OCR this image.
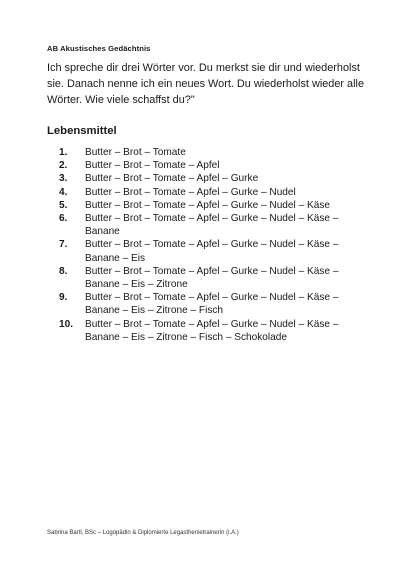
AB Akustisches Gedächtnis
Ich spreche dir drei Wörter vor. Du merkst sie dir und wiederholst sie. Danach nenne ich ein neues Wort. Du wiederholst wieder alle Wörter. Wie viele schaffst du?"
Lebensmittel
1.	Butter – Brot – Tomate
2.	Butter – Brot – Tomate – Apfel
3.	Butter – Brot – Tomate – Apfel – Gurke
4.	Butter – Brot – Tomate – Apfel – Gurke – Nudel
5.	Butter – Brot – Tomate – Apfel – Gurke – Nudel – Käse
6.	Butter – Brot – Tomate – Apfel – Gurke – Nudel – Käse – Banane
7.	Butter – Brot – Tomate – Apfel – Gurke – Nudel – Käse – Banane – Eis
8.	Butter – Brot – Tomate – Apfel – Gurke – Nudel – Käse – Banane – Eis – Zitrone
9.	Butter – Brot – Tomate – Apfel – Gurke – Nudel – Käse – Banane – Eis – Zitrone – Fisch
10.	Butter – Brot – Tomate – Apfel – Gurke – Nudel – Käse – Banane – Eis – Zitrone – Fisch – Schokolade
Sabrina Bartl, BSc – Logopädin & Diplomierte Legasthenietrainerin (i.A.)
